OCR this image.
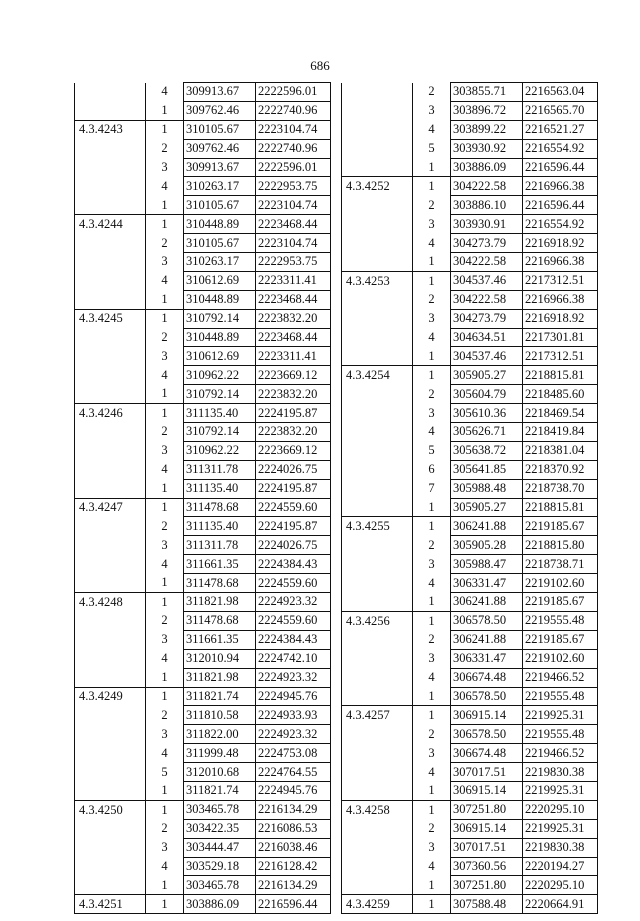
686
	4	309913.67	2222596.01
	1	309762.46	2222740.96
4.3.4243	1	310105.67	2223104.74
	2	309762.46	2222740.96
	3	309913.67	2222596.01
	4	310263.17	2222953.75
	1	310105.67	2223104.74
4.3.4244	1	310448.89	2223468.44
	2	310105.67	2223104.74
	3	310263.17	2222953.75
	4	310612.69	2223311.41
	1	310448.89	2223468.44
4.3.4245	1	310792.14	2223832.20
	2	310448.89	2223468.44
	3	310612.69	2223311.41
	4	310962.22	2223669.12
	1	310792.14	2223832.20
4.3.4246	1	311135.40	2224195.87
	2	310792.14	2223832.20
	3	310962.22	2223669.12
	4	311311.78	2224026.75
	1	311135.40	2224195.87
4.3.4247	1	311478.68	2224559.60
	2	311135.40	2224195.87
	3	311311.78	2224026.75
	4	311661.35	2224384.43
	1	311478.68	2224559.60
4.3.4248	1	311821.98	2224923.32
	2	311478.68	2224559.60
	3	311661.35	2224384.43
	4	312010.94	2224742.10
	1	311821.98	2224923.32
4.3.4249	1	311821.74	2224945.76
	2	311810.58	2224933.93
	3	311822.00	2224923.32
	4	311999.48	2224753.08
	5	312010.68	2224764.55
	1	311821.74	2224945.76
4.3.4250	1	303465.78	2216134.29
	2	303422.35	2216086.53
	3	303444.47	2216038.46
	4	303529.18	2216128.42
	1	303465.78	2216134.29
4.3.4251	1	303886.09	2216596.44
	2	303855.71	2216563.04
	3	303896.72	2216565.70
	4	303899.22	2216521.27
	5	303930.92	2216554.92
	1	303886.09	2216596.44
4.3.4252	1	304222.58	2216966.38
	2	303886.10	2216596.44
	3	303930.91	2216554.92
	4	304273.79	2216918.92
	1	304222.58	2216966.38
4.3.4253	1	304537.46	2217312.51
	2	304222.58	2216966.38
	3	304273.79	2216918.92
	4	304634.51	2217301.81
	1	304537.46	2217312.51
4.3.4254	1	305905.27	2218815.81
	2	305604.79	2218485.60
	3	305610.36	2218469.54
	4	305626.71	2218419.84
	5	305638.72	2218381.04
	6	305641.85	2218370.92
	7	305988.48	2218738.70
	1	305905.27	2218815.81
4.3.4255	1	306241.88	2219185.67
	2	305905.28	2218815.80
	3	305988.47	2218738.71
	4	306331.47	2219102.60
	1	306241.88	2219185.67
4.3.4256	1	306578.50	2219555.48
	2	306241.88	2219185.67
	3	306331.47	2219102.60
	4	306674.48	2219466.52
	1	306578.50	2219555.48
4.3.4257	1	306915.14	2219925.31
	2	306578.50	2219555.48
	3	306674.48	2219466.52
	4	307017.51	2219830.38
	1	306915.14	2219925.31
4.3.4258	1	307251.80	2220295.10
	2	306915.14	2219925.31
	3	307017.51	2219830.38
	4	307360.56	2220194.27
	1	307251.80	2220295.10
4.3.4259	1	307588.48	2220664.91
